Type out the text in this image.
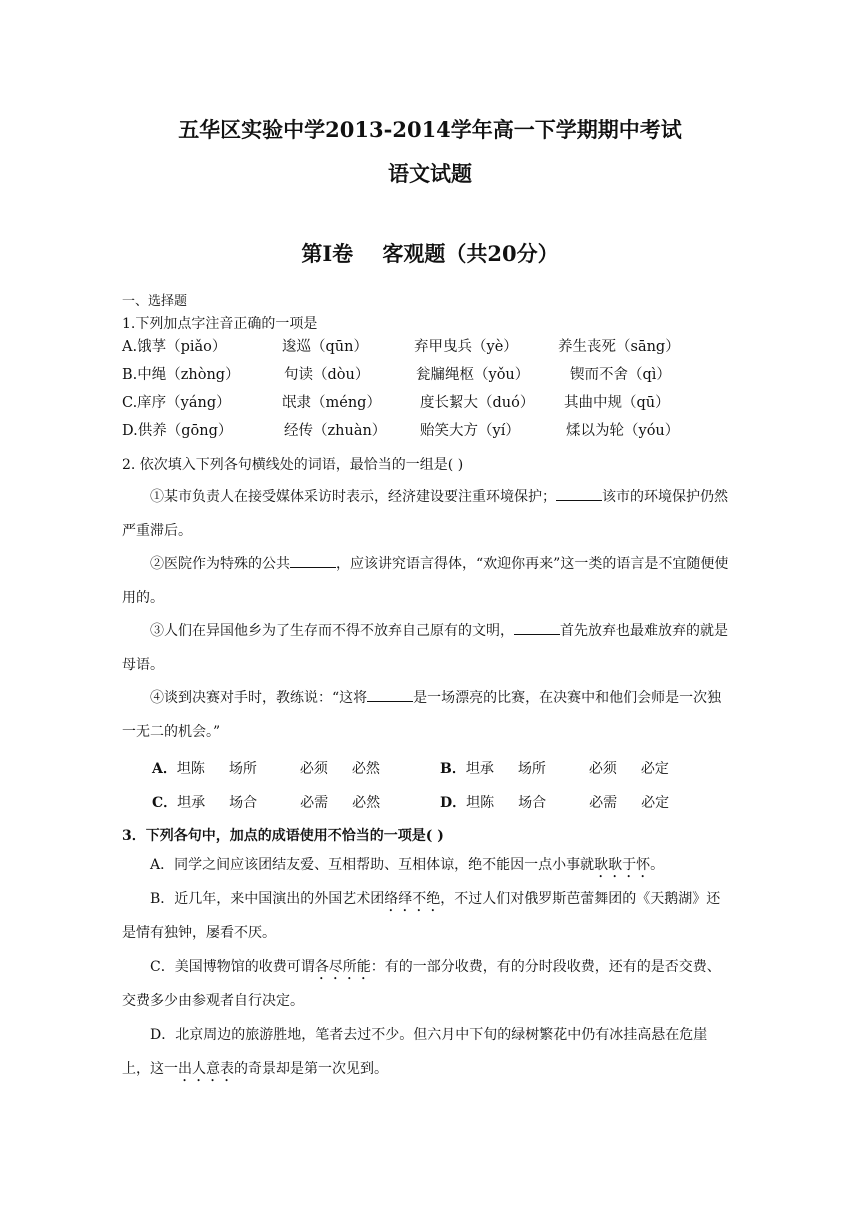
五华区实验中学2013-2014学年高一下学期期中考试
语文试题
第Ⅰ卷    客观题（共20分）
一、选择题
1.下列加点字注音正确的一项是
A.饿莩（piǎo）	逡巡（qūn）	弃甲曳兵（yè）	养生丧死（sāng）
B.中绳（zhòng）	句读（dòu）	瓮牖绳枢（yǒu）	锲而不舍（qì）
C.庠序（yáng）	氓隶（méng）	度长絜大（duó） 其曲中规（qū）
D.供养（gōng）	经传（zhuàn） 贻笑大方（yí）	煣以为轮（yóu）
2. 依次填入下列各句横线处的词语，最恰当的一组是( )
①某市负责人在接受媒体采访时表示，经济建设要注重环境保护；	该市的环境保护仍然严重滞后。
②医院作为特殊的公共	，应该讲究语言得体，“欢迎你再来”这一类的语言是不宜随便使用的。
③人们在异国他乡为了生存而不得不放弃自己原有的文明，	首先放弃也最难放弃的就是母语。
④谈到决赛对手时，教练说：“这将	是一场漂亮的比赛，在决赛中和他们会师是一次独一无二的机会。”
A．坦陈 场所	必须 必然	B．坦承 场所	必须 必定
C．坦承 场合	必需 必然	D．坦陈 场合	必需 必定
3．下列各句中，加点的成语使用不恰当的一项是( )
A．同学之间应该团结友爱、互相帮助、互相体谅，绝不能因一点小事就耿耿于怀。
B．近几年，来中国演出的外国艺术团络绎不绝，不过人们对俄罗斯芭蕾舞团的《天鹅湖》还是情有独钟，屡看不厌。
C．美国博物馆的收费可谓各尽所能：有的一部分收费，有的分时段收费，还有的是否交费、交费多少由参观者自行决定。
D．北京周边的旅游胜地，笔者去过不少。但六月中下旬的绿树繁花中仍有冰挂高悬在危崖上，这一出人意表的奇景却是第一次见到。
